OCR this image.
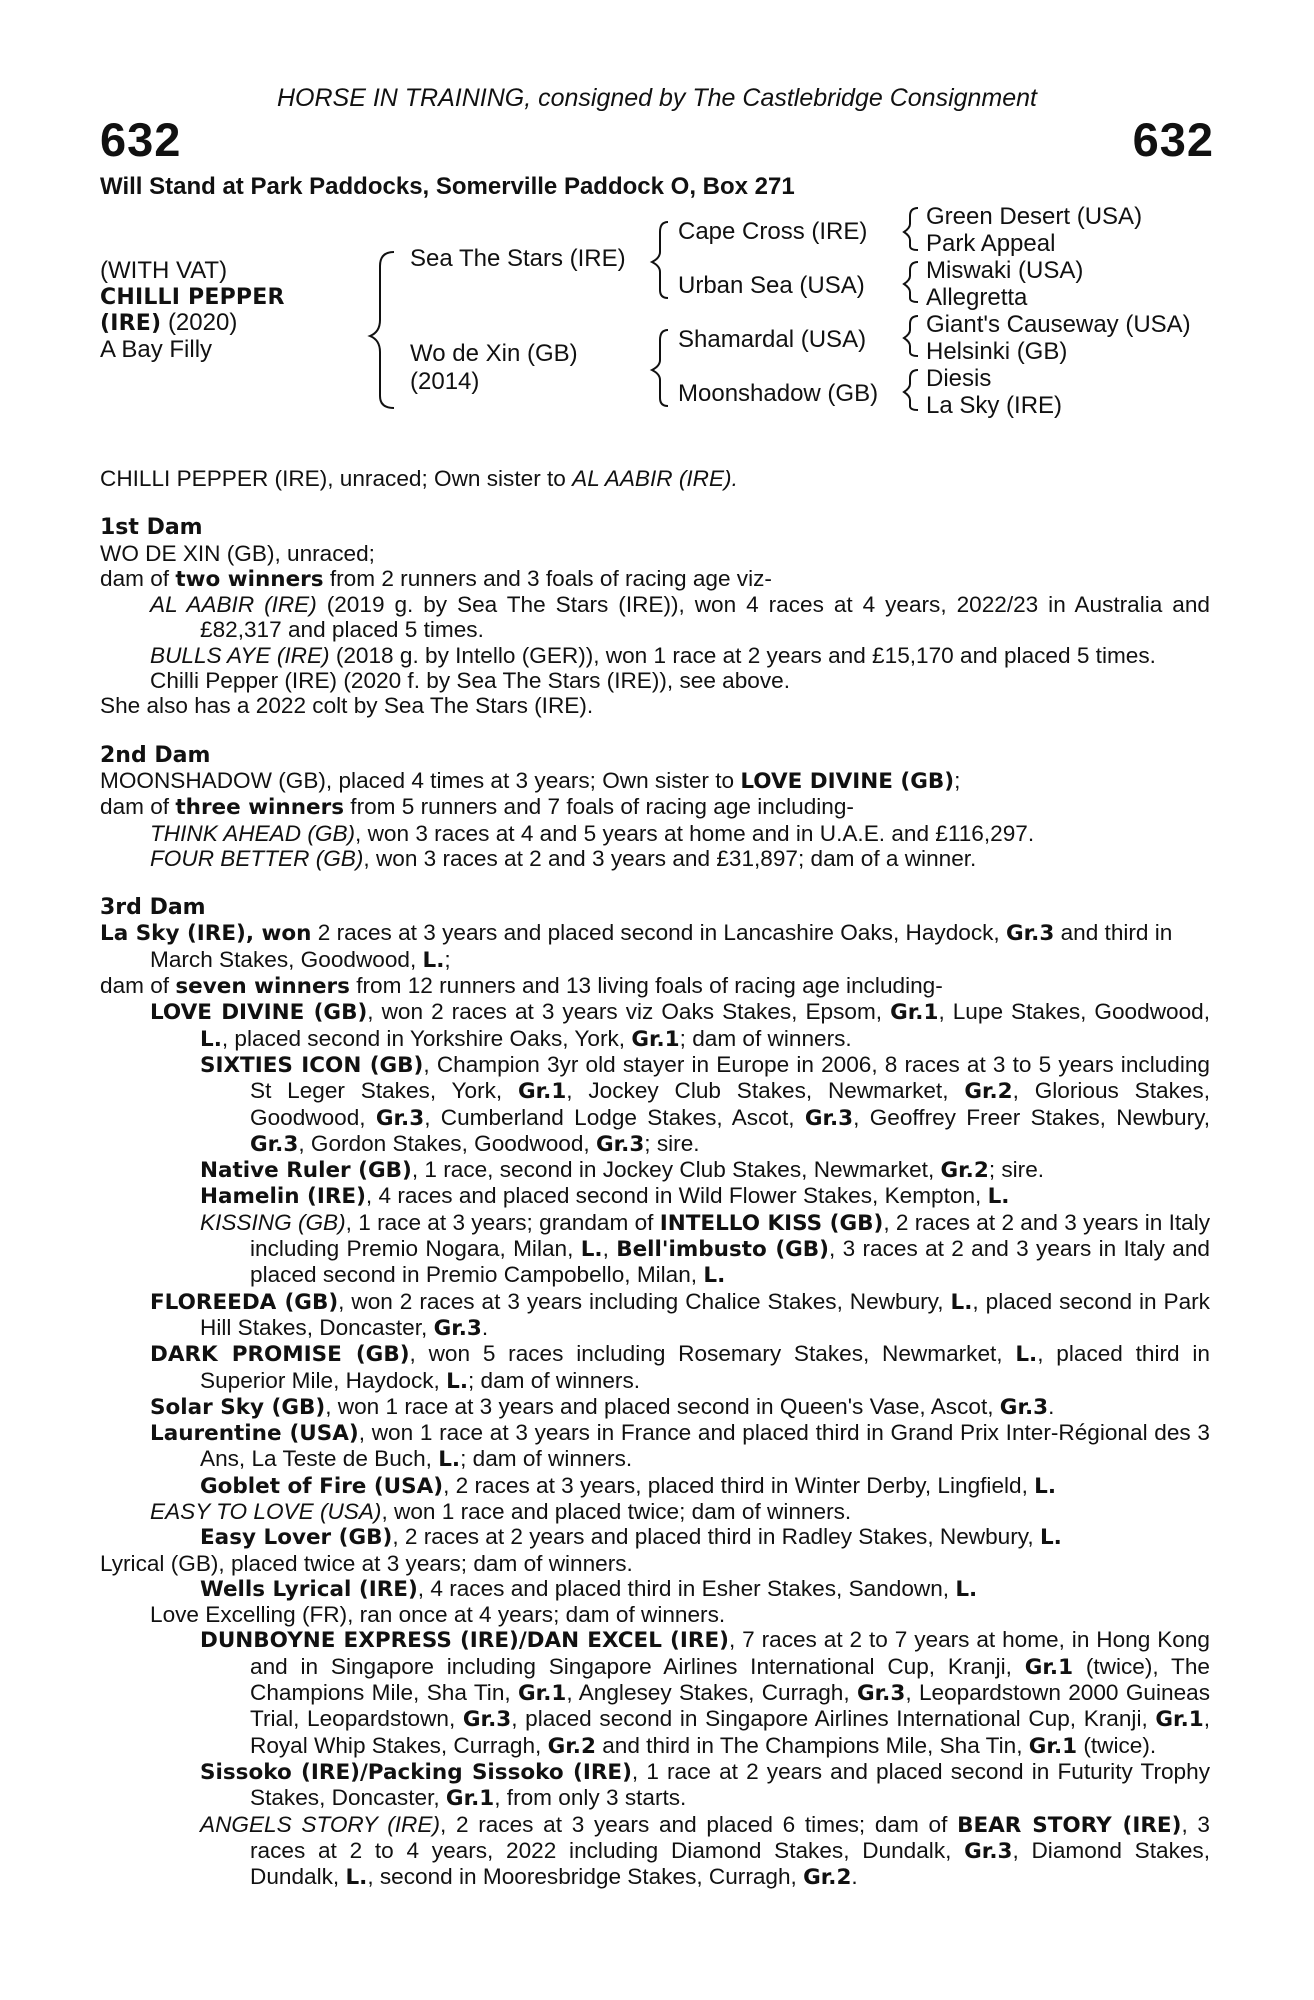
HORSE IN TRAINING, consigned by The Castlebridge Consignment
632	632
Will Stand at Park Paddocks, Somerville Paddock O, Box 271
(WITH VAT)
CHILLI PEPPER
(IRE) (2020)
A Bay Filly
Sea The Stars (IRE)
Wo de Xin (GB)
(2014)
Cape Cross (IRE)
Urban Sea (USA)
Shamardal (USA)
Moonshadow (GB)
Green Desert (USA)
Park Appeal
Miswaki (USA)
Allegretta
Giant's Causeway (USA)
Helsinki (GB)
Diesis
La Sky (IRE)

CHILLI PEPPER (IRE), unraced; Own sister to AL AABIR (IRE).

1st Dam

WO DE XIN (GB), unraced;

dam of two winners from 2 runners and 3 foals of racing age viz-

AL AABIR (IRE) (2019 g. by Sea The Stars (IRE)), won 4 races at 4 years, 2022/23 in Australia and £82,317 and placed 5 times.

BULLS AYE (IRE) (2018 g. by Intello (GER)), won 1 race at 2 years and £15,170 and placed 5 times.

Chilli Pepper (IRE) (2020 f. by Sea The Stars (IRE)), see above.

She also has a 2022 colt by Sea The Stars (IRE).

2nd Dam

MOONSHADOW (GB), placed 4 times at 3 years; Own sister to LOVE DIVINE (GB);

dam of three winners from 5 runners and 7 foals of racing age including-

THINK AHEAD (GB), won 3 races at 4 and 5 years at home and in U.A.E. and £116,297.

FOUR BETTER (GB), won 3 races at 2 and 3 years and £31,897; dam of a winner.

3rd Dam

La Sky (IRE), won 2 races at 3 years and placed second in Lancashire Oaks, Haydock, Gr.3 and third in March Stakes, Goodwood, L.;

dam of seven winners from 12 runners and 13 living foals of racing age including-

LOVE DIVINE (GB), won 2 races at 3 years viz Oaks Stakes, Epsom, Gr.1, Lupe Stakes, Goodwood, L., placed second in Yorkshire Oaks, York, Gr.1; dam of winners.

SIXTIES ICON (GB), Champion 3yr old stayer in Europe in 2006, 8 races at 3 to 5 years including St Leger Stakes, York, Gr.1, Jockey Club Stakes, Newmarket, Gr.2, Glorious Stakes, Goodwood, Gr.3, Cumberland Lodge Stakes, Ascot, Gr.3, Geoffrey Freer Stakes, Newbury, Gr.3, Gordon Stakes, Goodwood, Gr.3; sire.

Native Ruler (GB), 1 race, second in Jockey Club Stakes, Newmarket, Gr.2; sire.

Hamelin (IRE), 4 races and placed second in Wild Flower Stakes, Kempton, L.

KISSING (GB), 1 race at 3 years; grandam of INTELLO KISS (GB), 2 races at 2 and 3 years in Italy including Premio Nogara, Milan, L., Bell'imbusto (GB), 3 races at 2 and 3 years in Italy and placed second in Premio Campobello, Milan, L.

FLOREEDA (GB), won 2 races at 3 years including Chalice Stakes, Newbury, L., placed second in Park Hill Stakes, Doncaster, Gr.3.

DARK PROMISE (GB), won 5 races including Rosemary Stakes, Newmarket, L., placed third in Superior Mile, Haydock, L.; dam of winners.

Solar Sky (GB), won 1 race at 3 years and placed second in Queen's Vase, Ascot, Gr.3.

Laurentine (USA), won 1 race at 3 years in France and placed third in Grand Prix Inter-Régional des 3 Ans, La Teste de Buch, L.; dam of winners.

Goblet of Fire (USA), 2 races at 3 years, placed third in Winter Derby, Lingfield, L.

EASY TO LOVE (USA), won 1 race and placed twice; dam of winners.

Easy Lover (GB), 2 races at 2 years and placed third in Radley Stakes, Newbury, L.

Lyrical (GB), placed twice at 3 years; dam of winners.

Wells Lyrical (IRE), 4 races and placed third in Esher Stakes, Sandown, L.

Love Excelling (FR), ran once at 4 years; dam of winners.

DUNBOYNE EXPRESS (IRE)/DAN EXCEL (IRE), 7 races at 2 to 7 years at home, in Hong Kong and in Singapore including Singapore Airlines International Cup, Kranji, Gr.1 (twice), The Champions Mile, Sha Tin, Gr.1, Anglesey Stakes, Curragh, Gr.3, Leopardstown 2000 Guineas Trial, Leopardstown, Gr.3, placed second in Singapore Airlines International Cup, Kranji, Gr.1, Royal Whip Stakes, Curragh, Gr.2 and third in The Champions Mile, Sha Tin, Gr.1 (twice).

Sissoko (IRE)/Packing Sissoko (IRE), 1 race at 2 years and placed second in Futurity Trophy Stakes, Doncaster, Gr.1, from only 3 starts.

ANGELS STORY (IRE), 2 races at 3 years and placed 6 times; dam of BEAR STORY (IRE), 3 races at 2 to 4 years, 2022 including Diamond Stakes, Dundalk, Gr.3, Diamond Stakes, Dundalk, L., second in Mooresbridge Stakes, Curragh, Gr.2.
